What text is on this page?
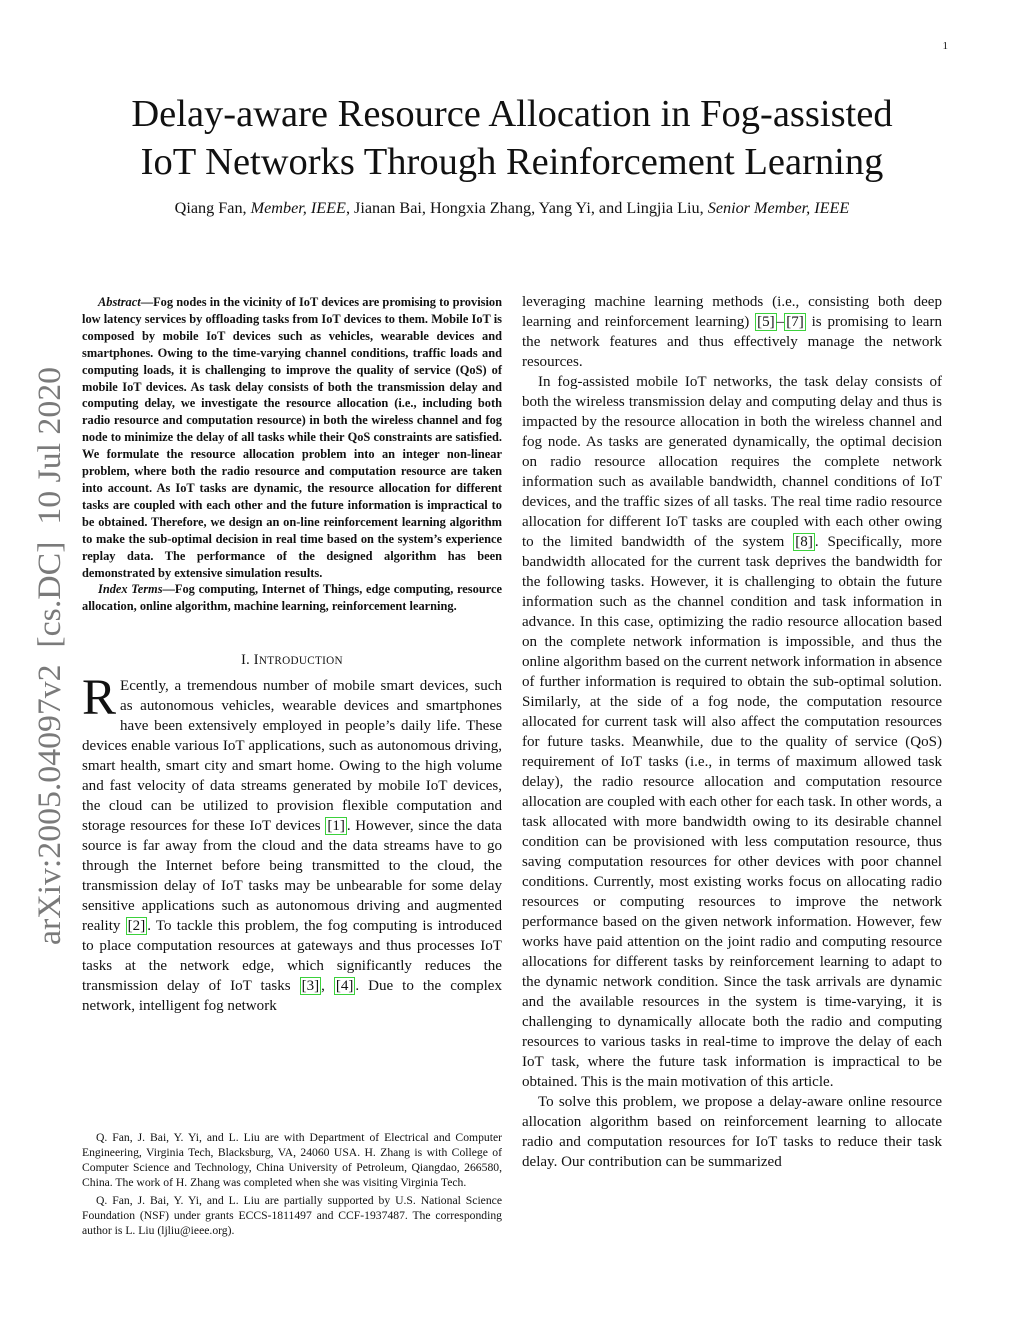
1
arXiv:2005.04097v2  [cs.DC]  10 Jul 2020
Delay-aware Resource Allocation in Fog-assisted
IoT Networks Through Reinforcement Learning
Qiang Fan, Member, IEEE, Jianan Bai, Hongxia Zhang, Yang Yi, and Lingjia Liu, Senior Member, IEEE

Abstract—Fog nodes in the vicinity of IoT devices are promising to provision low latency services by offloading tasks from IoT devices to them. Mobile IoT is composed by mobile IoT devices such as vehicles, wearable devices and smartphones. Owing to the time-varying channel conditions, traffic loads and computing loads, it is challenging to improve the quality of service (QoS) of mobile IoT devices. As task delay consists of both the transmission delay and computing delay, we investigate the resource allocation (i.e., including both radio resource and computation resource) in both the wireless channel and fog node to minimize the delay of all tasks while their QoS constraints are satisfied. We formulate the resource allocation problem into an integer non-linear problem, where both the radio resource and computation resource are taken into account. As IoT tasks are dynamic, the resource allocation for different tasks are coupled with each other and the future information is impractical to be obtained. Therefore, we design an on-line reinforcement learning algorithm to make the sub-optimal decision in real time based on the system’s experience replay data. The performance of the designed algorithm has been demonstrated by extensive simulation results.

Index Terms—Fog computing, Internet of Things, edge computing, resource allocation, online algorithm, machine learning, reinforcement learning.

I. INTRODUCTION

R Ecently, a tremendous number of mobile smart devices, such as autonomous vehicles, wearable devices and smartphones have been extensively employed in people’s daily life. These devices enable various IoT applications, such as autonomous driving, smart health, smart city and smart home. Owing to the high volume and fast velocity of data streams generated by mobile IoT devices, the cloud can be utilized to provision flexible computation and storage resources for these IoT devices [1] . However, since the data source is far away from the cloud and the data streams have to go through the Internet before being transmitted to the cloud, the transmission delay of IoT tasks may be unbearable for some delay sensitive applications such as autonomous driving and augmented reality [2] . To tackle this problem, the fog computing is introduced to place computation resources at gateways and thus processes IoT tasks at the network edge, which significantly reduces the transmission delay of IoT tasks [3] , [4] . Due to the complex network, intelligent fog network

Q. Fan, J. Bai, Y. Yi, and L. Liu are with Department of Electrical and Computer Engineering, Virginia Tech, Blacksburg, VA, 24060 USA. H. Zhang is with College of Computer Science and Technology, China University of Petroleum, Qiangdao, 266580, China. The work of H. Zhang was completed when she was visiting Virginia Tech.

Q. Fan, J. Bai, Y. Yi, and L. Liu are partially supported by U.S. National Science Foundation (NSF) under grants ECCS-1811497 and CCF-1937487. The corresponding author is L. Liu (ljliu@ieee.org).

leveraging machine learning methods (i.e., consisting both deep learning and reinforcement learning) [5] – [7] is promising to learn the network features and thus effectively manage the network resources.

In fog-assisted mobile IoT networks, the task delay consists of both the wireless transmission delay and computing delay and thus is impacted by the resource allocation in both the wireless channel and fog node. As tasks are generated dynamically, the optimal decision on radio resource allocation requires the complete network information such as available bandwidth, channel conditions of IoT devices, and the traffic sizes of all tasks. The real time radio resource allocation for different IoT tasks are coupled with each other owing to the limited bandwidth of the system [8] . Specifically, more bandwidth allocated for the current task deprives the bandwidth for the following tasks. However, it is challenging to obtain the future information such as the channel condition and task information in advance. In this case, optimizing the radio resource allocation based on the complete network information is impossible, and thus the online algorithm based on the current network information in absence of further information is required to obtain the sub-optimal solution. Similarly, at the side of a fog node, the computation resource allocated for current task will also affect the computation resources for future tasks. Meanwhile, due to the quality of service (QoS) requirement of IoT tasks (i.e., in terms of maximum allowed task delay), the radio resource allocation and computation resource allocation are coupled with each other for each task. In other words, a task allocated with more bandwidth owing to its desirable channel condition can be provisioned with less computation resource, thus saving computation resources for other devices with poor channel conditions. Currently, most existing works focus on allocating radio resources or computing resources to improve the network performance based on the given network information. However, few works have paid attention on the joint radio and computing resource allocations for different tasks by reinforcement learning to adapt to the dynamic network condition. Since the task arrivals are dynamic and the available resources in the system is time-varying, it is challenging to dynamically allocate both the radio and computing resources to various tasks in real-time to improve the delay of each IoT task, where the future task information is impractical to be obtained. This is the main motivation of this article.

To solve this problem, we propose a delay-aware online resource allocation algorithm based on reinforcement learning to allocate radio and computation resources for IoT tasks to reduce their task delay. Our contribution can be summarized
